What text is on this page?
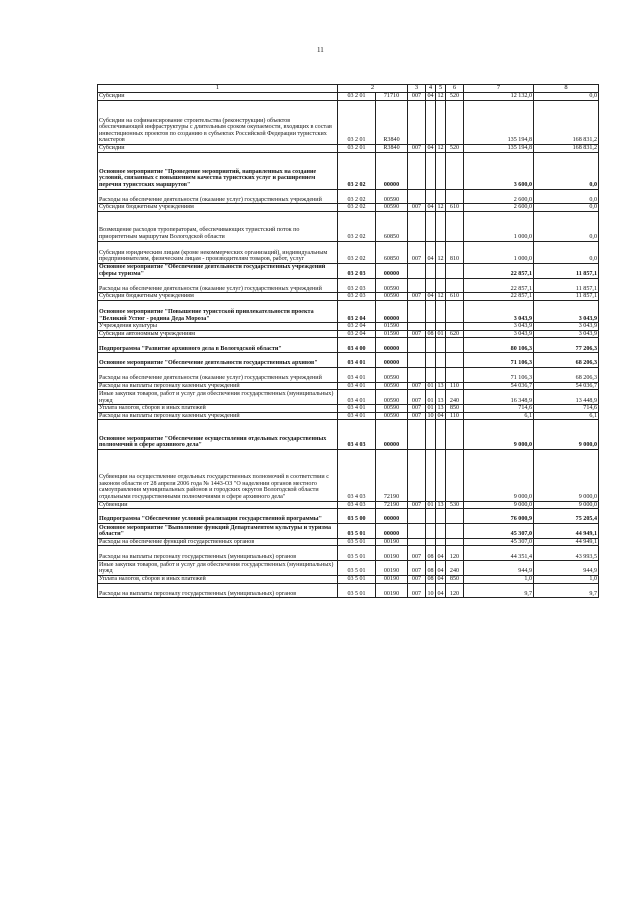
11
1	2		3	4	5	6	7	8
Субсидии	03 2 01	71710	007	04	12	520	12 132,0	0,0
Субсидии на софинансирование строительства (реконструкции) объектов обеспечивающей инфраструктуры с длительным сроком окупаемости, входящих в состав инвестиционных проектов по созданию в субъектах Российской Федерации туристских кластеров	03 2 01	R3840					135 194,8	168 831,2
Субсидии	03 2 01	R3840	007	04	12	520	135 194,8	168 831,2
Основное мероприятие "Проведение мероприятий, направленных на создание условий, связанных с повышением качества туристских услуг и расширением перечня туристских маршрутов"	03 2 02	00000					3 600,0	0,0
Расходы на обеспечение деятельности (оказание услуг) государственных учреждений	03 2 02	00590					2 600,0	0,0
Субсидии бюджетным учреждениям	03 2 02	00590	007	04	12	610	2 600,0	0,0
Возмещение расходов туроператорам, обеспечивающих туристский поток по приоритетным маршрутам Вологодской области	03 2 02	60850					1 000,0	0,0
Субсидии юридическим лицам (кроме некоммерческих организаций), индивидуальным предпринимателям, физическим лицам - производителям товаров, работ, услуг	03 2 02	60850	007	04	12	810	1 000,0	0,0
Основное мероприятие "Обеспечение деятельности государственных учреждений сферы туризма"	03 2 03	00000					22 857,1	11 857,1
Расходы на обеспечение деятельности (оказание услуг) государственных учреждений	03 2 03	00590					22 857,1	11 857,1
Субсидии бюджетным учреждениям	03 2 03	00590	007	04	12	610	22 857,1	11 857,1
Основное мероприятие "Повышение туристской привлекательности проекта "Великий Устюг - родина Деда Мороза"	03 2 04	00000					3 043,9	3 043,9
Учреждения культуры	03 2 04	01590					3 043,9	3 043,9
Субсидии автономным учреждениям	03 2 04	01590	007	08	01	620	3 043,9	3 043,9
Подпрограмма "Развитие архивного дела в Вологодской области"	03 4 00	00000					80 106,3	77 206,3
Основное мероприятие "Обеспечение деятельности государственных архивов"	03 4 01	00000					71 106,3	68 206,3
Расходы на обеспечение деятельности (оказание услуг) государственных учреждений	03 4 01	00590					71 106,3	68 206,3
Расходы на выплаты персоналу казенных учреждений	03 4 01	00590	007	01	13	110	54 036,7	54 036,7
Иные закупки товаров, работ и услуг для обеспечения государственных (муниципальных) нужд	03 4 01	00590	007	01	13	240	16 348,9	13 448,9
Уплата налогов, сборов и иных платежей	03 4 01	00590	007	01	13	850	714,6	714,6
Расходы на выплаты персоналу казенных учреждений	03 4 01	00590	007	10	04	110	6,1	6,1
Основное мероприятие "Обеспечение осуществления отдельных государственных полномочий в сфере архивного дела"	03 4 03	00000					9 000,0	9 000,0
Субвенции на осуществление отдельных государственных полномочий в соответствии с законом области от 28 апреля 2006 года № 1443-ОЗ "О наделении органов местного самоуправления муниципальных районов и городских округов Вологодской области отдельными государственными полномочиями в сфере архивного дела"	03 4 03	72190					9 000,0	9 000,0
Субвенции	03 4 03	72190	007	01	13	530	9 000,0	9 000,0
Подпрограмма "Обеспечение условий реализации государственной программы"	03 5 00	00000					76 000,9	75 205,4
Основное мероприятие "Выполнение функций Департаментом культуры и туризма области"	03 5 01	00000					45 307,0	44 949,1
Расходы на обеспечение функций государственных органов	03 5 01	00190					45 307,0	44 949,1
Расходы на выплаты персоналу государственных (муниципальных) органов	03 5 01	00190	007	08	04	120	44 351,4	43 993,5
Иные закупки товаров, работ и услуг для обеспечения государственных (муниципальных) нужд	03 5 01	00190	007	08	04	240	944,9	944,9
Уплата налогов, сборов и иных платежей	03 5 01	00190	007	08	04	850	1,0	1,0
Расходы на выплаты персоналу государственных (муниципальных) органов	03 5 01	00190	007	10	04	120	9,7	9,7
